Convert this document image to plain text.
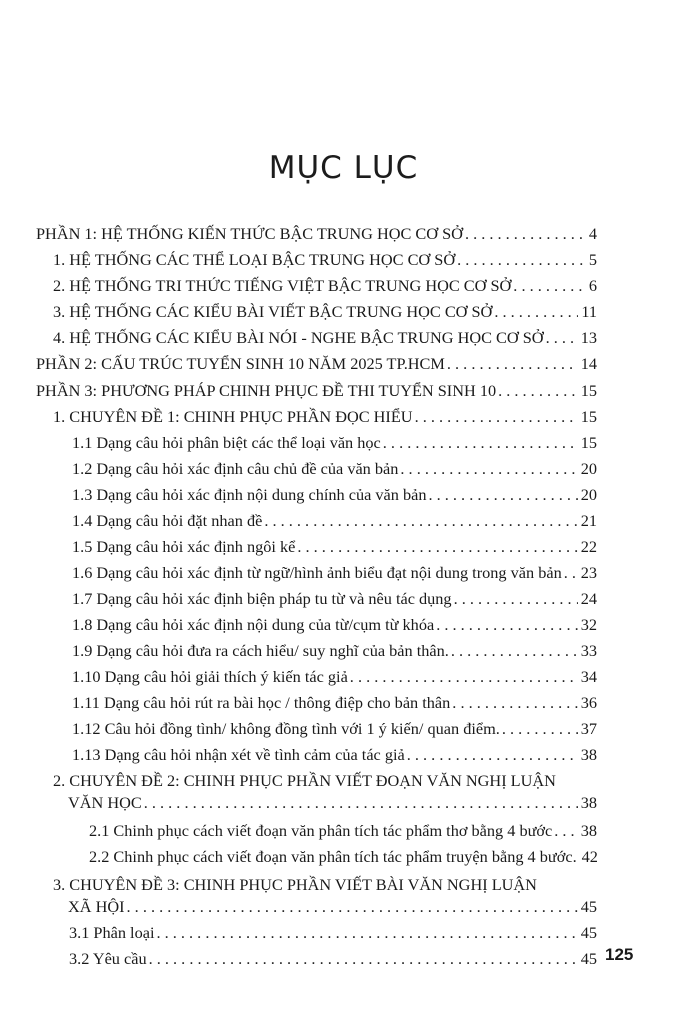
MỤC LỤC
PHẦN 1: HỆ THỐNG KIẾN THỨC BẬC TRUNG HỌC CƠ SỞ . . .	4
1. HỆ THỐNG CÁC THỂ LOẠI BẬC TRUNG HỌC CƠ SỞ . . .	5
2. HỆ THỐNG TRI THỨC TIẾNG VIỆT BẬC TRUNG HỌC CƠ SỞ . . .	6
3. HỆ THỐNG CÁC KIỂU BÀI VIẾT BẬC TRUNG HỌC CƠ SỞ . . .	11
4. HỆ THỐNG CÁC KIỂU BÀI NÓI - NGHE BẬC TRUNG HỌC CƠ SỞ . . . 13
PHẦN 2: CẤU TRÚC TUYỂN SINH 10 NĂM 2025 TP.HCM . . .	14
PHẦN 3: PHƯƠNG PHÁP CHINH PHỤC ĐỀ THI TUYỂN SINH 10 . . .	15
1. CHUYÊN ĐỀ 1: CHINH PHỤC PHẦN ĐỌC HIỂU . . .	15
1.1 Dạng câu hỏi phân biệt các thể loại văn học . . .	15
1.2 Dạng câu hỏi xác định câu chủ đề của văn bản . . .	20
1.3 Dạng câu hỏi xác định nội dung chính của văn bản . . .	20
1.4 Dạng câu hỏi đặt nhan đề . . .	21
1.5 Dạng câu hỏi xác định ngôi kể . . .	22
1.6 Dạng câu hỏi xác định từ ngữ/hình ảnh biểu đạt nội dung trong văn bản . . . 23
1.7 Dạng câu hỏi xác định biện pháp tu từ và nêu tác dụng . . .	24
1.8 Dạng câu hỏi xác định nội dung của từ/cụm từ khóa . . .	32
1.9 Dạng câu hỏi đưa ra cách hiểu/ suy nghĩ của bản thân. . . .	33
1.10 Dạng câu hỏi giải thích ý kiến tác giả . . .	34
1.11 Dạng câu hỏi rút ra bài học / thông điệp cho bản thân . . .	36
1.12 Câu hỏi đồng tình/ không đồng tình với 1 ý kiến/ quan điểm. . . .	37
1.13 Dạng câu hỏi nhận xét về tình cảm của tác giả . . .	38
2. CHUYÊN ĐỀ 2: CHINH PHỤC PHẦN VIẾT ĐOẠN VĂN NGHỊ LUẬN
VĂN HỌC . . .	38
2.1 Chinh phục cách viết đoạn văn phân tích tác phẩm thơ bằng 4 bước . . . 38
2.2 Chinh phục cách viết đoạn văn phân tích tác phẩm truyện bằng 4 bước. 42
3. CHUYÊN ĐỀ 3: CHINH PHỤC PHẦN VIẾT BÀI VĂN NGHỊ LUẬN
XÃ HỘI . . .	45
3.1 Phân loại . . .	45
3.2 Yêu cầu . . .	45 125
